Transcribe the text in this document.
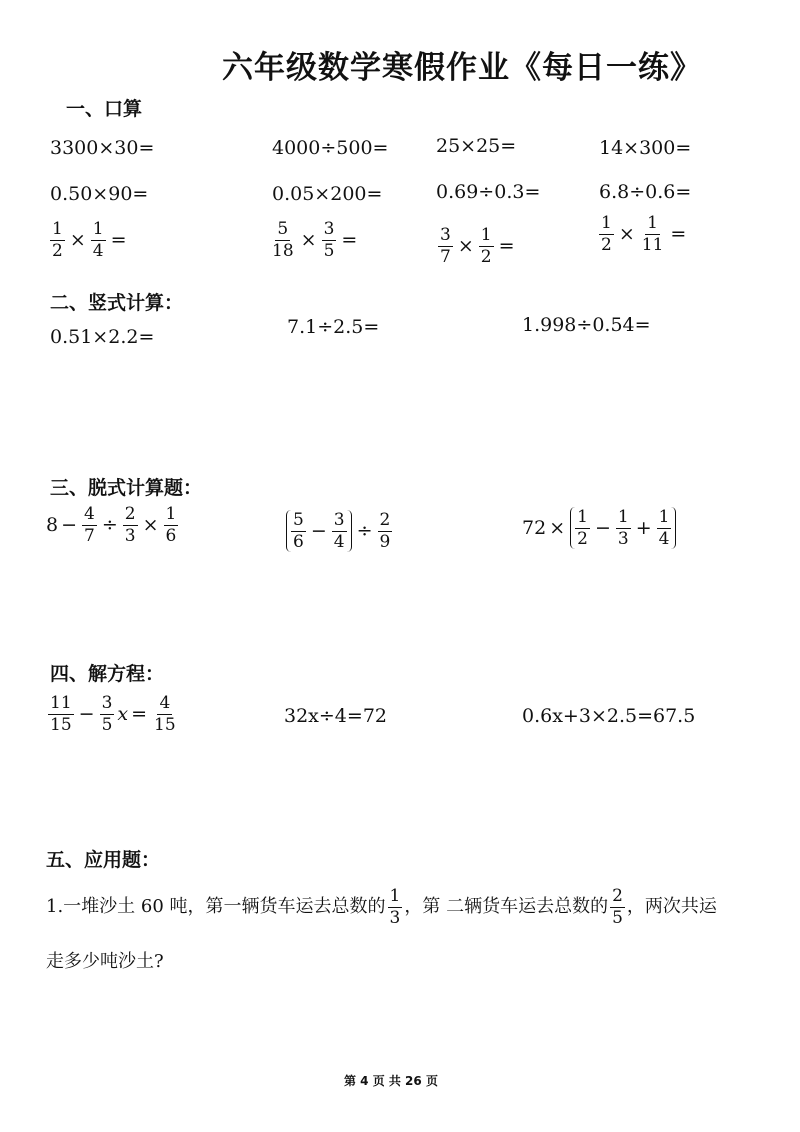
六年级数学寒假作业《每日一练》
一、口算
3300×30=	4000÷500=	25×25=	14×300=
0.50×90=	0.05×200=	0.69÷0.3=	6.8÷0.6=
$\frac{1}{2} \times \frac{1}{4}$ =	$\frac{5}{18} \times \frac{3}{5}$ =	$\frac{3}{7} \times \frac{1}{2}$ =	$\frac{1}{2} \times \frac{1}{11}$ =
二、竖式计算：
0.51×2.2=	7.1÷2.5=	1.998÷0.54=
三、脱式计算题：
$8 - \frac{4}{7} \div \frac{2}{3} \times \frac{1}{6}$	$\frac{5}{6} - \frac{3}{4} \div \frac{2}{9}$	$72 \times \frac{1}{2} - \frac{1}{3} + \frac{1}{4}$
四、解方程：
$\frac{11}{15} - \frac{3}{5}$ $x = \frac{4}{15}$	32x÷4=72	0.6x+3×2.5=67.5
五、应用题：
1.一堆沙土 60 吨，第一辆货车运去总数的 $\frac{1}{3}$ ，第 二辆货车运去总数的 $\frac{2}{5}$ ，两次共运
走多少吨沙土?
第 4 页 共 26 页
